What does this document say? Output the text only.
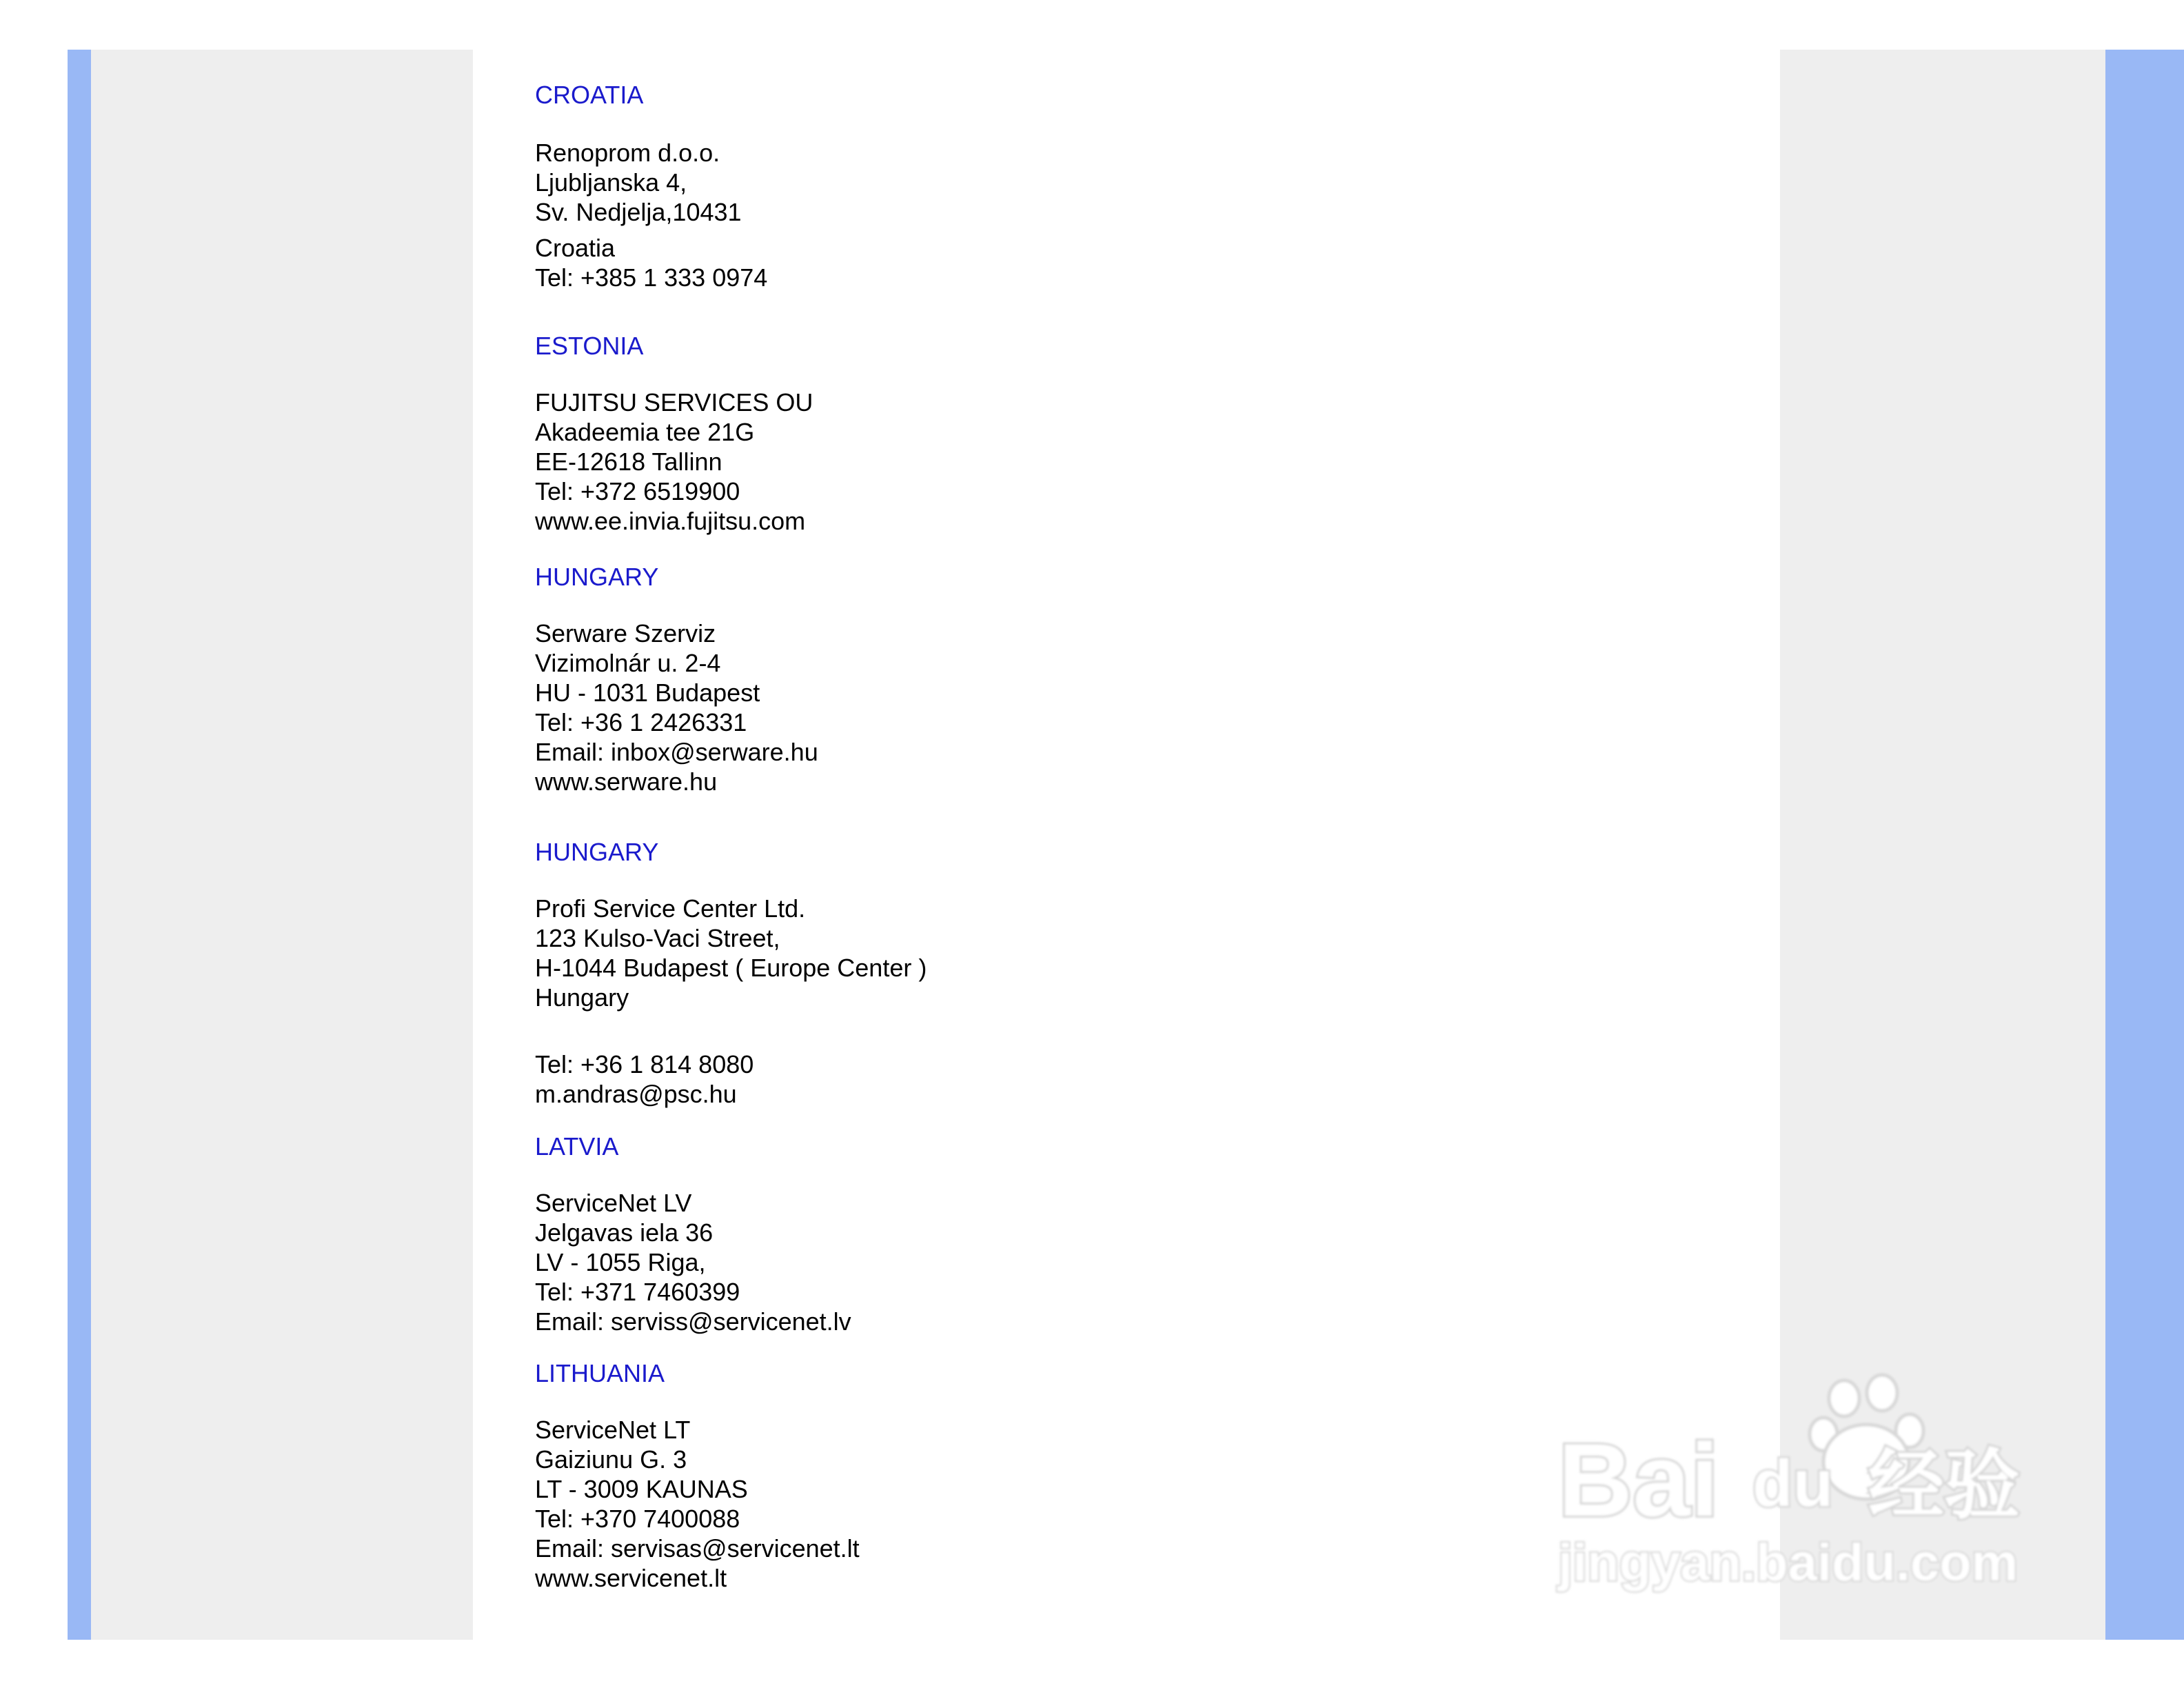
CROATIA
Renoprom d.o.o.
Ljubljanska 4,
Sv. Nedjelja,10431
Croatia
Tel: +385 1 333 0974
ESTONIA
FUJITSU SERVICES OU
Akadeemia tee 21G
EE-12618 Tallinn
Tel: +372 6519900
www.ee.invia.fujitsu.com
HUNGARY
Serware Szerviz
Vizimolnár u. 2-4
HU - 1031 Budapest
Tel: +36 1 2426331
Email: inbox@serware.hu
www.serware.hu
HUNGARY
Profi Service Center Ltd.
123 Kulso-Vaci Street,
H-1044 Budapest ( Europe Center )
Hungary
Tel: +36 1 814 8080
m.andras@psc.hu
LATVIA
ServiceNet LV
Jelgavas iela 36
LV - 1055 Riga,
Tel: +371 7460399
Email: serviss@servicenet.lv
LITHUANIA
ServiceNet LT
Gaiziunu G. 3
LT - 3009 KAUNAS
Tel: +370 7400088
Email: servisas@servicenet.lt
www.servicenet.lt
Bai du 经验
jingyan.baidu.com
